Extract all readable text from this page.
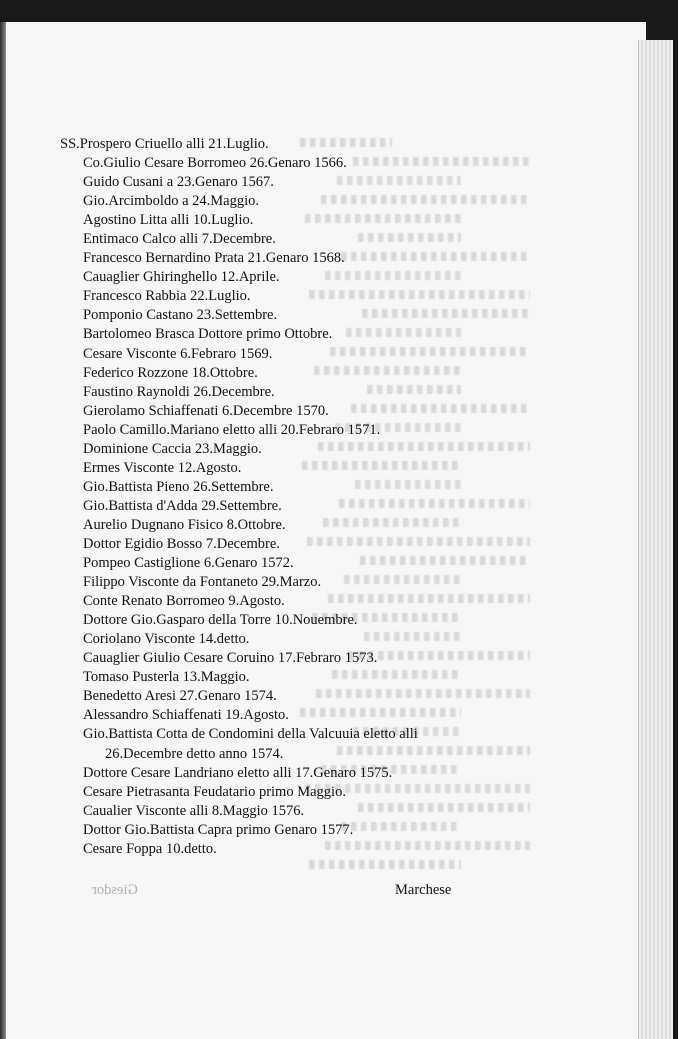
SS.Prospero Criuello alli 21.Luglio.
Co.Giulio Cesare Borromeo 26.Genaro 1566.
Guido Cusani a 23.Genaro 1567.
Gio.Arcimboldo a 24.Maggio.
Agostino Litta alli 10.Luglio.
Entimaco Calco alli 7.Decembre.
Francesco Bernardino Prata 21.Genaro 1568.
Cauaglier Ghiringhello 12.Aprile.
Francesco Rabbia 22.Luglio.
Pomponio Castano 23.Settembre.
Bartolomeo Brasca Dottore primo Ottobre.
Cesare Visconte 6.Febraro 1569.
Federico Rozzone 18.Ottobre.
Faustino Raynoldi 26.Decembre.
Gierolamo Schiaffenati 6.Decembre 1570.
Paolo Camillo.Mariano eletto alli 20.Febraro 1571.
Dominione Caccia 23.Maggio.
Ermes Visconte 12.Agosto.
Gio.Battista Pieno 26.Settembre.
Gio.Battista d'Adda 29.Settembre.
Aurelio Dugnano Fisico 8.Ottobre.
Dottor Egidio Bosso 7.Decembre.
Pompeo Castiglione 6.Genaro 1572.
Filippo Visconte da Fontaneto 29.Marzo.
Conte Renato Borromeo 9.Agosto.
Dottore Gio.Gasparo della Torre 10.Nouembre.
Coriolano Visconte 14.detto.
Cauaglier Giulio Cesare Coruino 17.Febraro 1573.
Tomaso Pusterla 13.Maggio.
Benedetto Aresi 27.Genaro 1574.
Alessandro Schiaffenati 19.Agosto.
Gio.Battista Cotta de Condomini della Valcuuia eletto alli
26.Decembre detto anno 1574.
Dottore Cesare Landriano eletto alli 17.Genaro 1575.
Cesare Pietrasanta Feudatario primo Maggio.
Caualier Visconte alli 8.Maggio 1576.
Dottor Gio.Battista Capra primo Genaro 1577.
Cesare Foppa 10.detto.
Giesdor	Marchese
